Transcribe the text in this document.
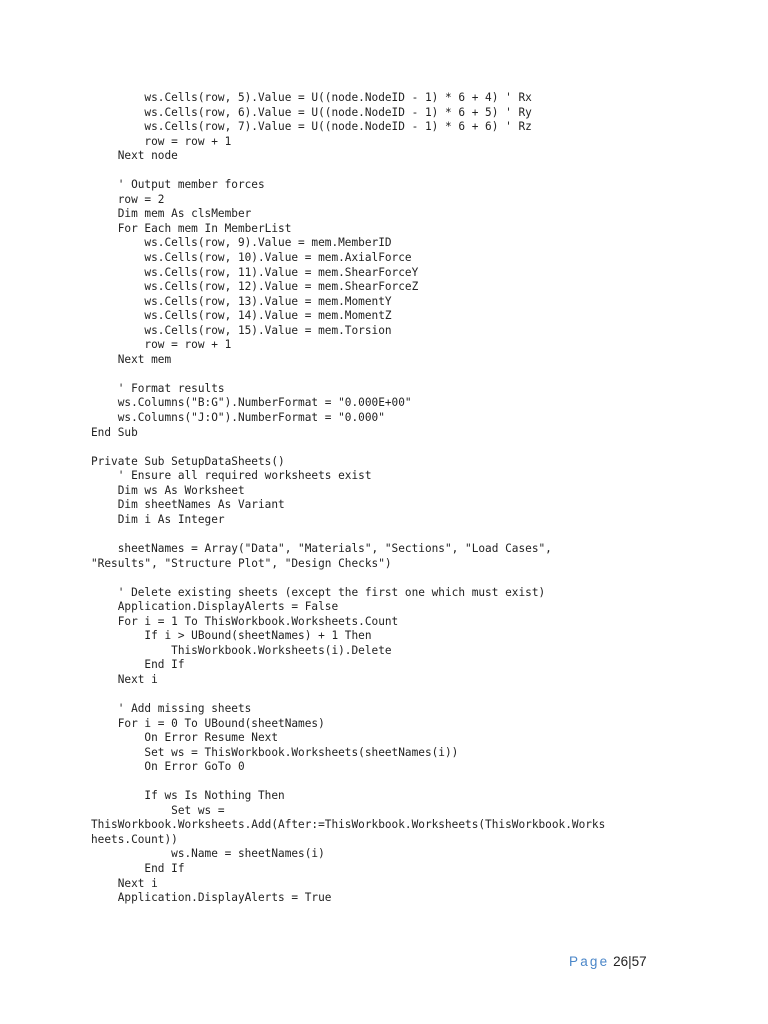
ws.Cells(row, 5).Value = U((node.NodeID - 1) * 6 + 4) ' Rx
ws.Cells(row, 6).Value = U((node.NodeID - 1) * 6 + 5) ' Ry
ws.Cells(row, 7).Value = U((node.NodeID - 1) * 6 + 6) ' Rz
row = row + 1
Next node
' Output member forces
row = 2
Dim mem As clsMember
For Each mem In MemberList
ws.Cells(row, 9).Value = mem.MemberID
ws.Cells(row, 10).Value = mem.AxialForce
ws.Cells(row, 11).Value = mem.ShearForceY
ws.Cells(row, 12).Value = mem.ShearForceZ
ws.Cells(row, 13).Value = mem.MomentY
ws.Cells(row, 14).Value = mem.MomentZ
ws.Cells(row, 15).Value = mem.Torsion
row = row + 1
Next mem
' Format results
ws.Columns("B:G").NumberFormat = "0.000E+00"
ws.Columns("J:O").NumberFormat = "0.000"
End Sub
Private Sub SetupDataSheets()
' Ensure all required worksheets exist
Dim ws As Worksheet
Dim sheetNames As Variant
Dim i As Integer
sheetNames = Array("Data", "Materials", "Sections", "Load Cases",
"Results", "Structure Plot", "Design Checks")
' Delete existing sheets (except the first one which must exist)
Application.DisplayAlerts = False
For i = 1 To ThisWorkbook.Worksheets.Count
If i > UBound(sheetNames) + 1 Then
ThisWorkbook.Worksheets(i).Delete
End If
Next i
' Add missing sheets
For i = 0 To UBound(sheetNames)
On Error Resume Next
Set ws = ThisWorkbook.Worksheets(sheetNames(i))
On Error GoTo 0
If ws Is Nothing Then
Set ws =
ThisWorkbook.Worksheets.Add(After:=ThisWorkbook.Worksheets(ThisWorkbook.Works
heets.Count))
ws.Name = sheetNames(i)
End If
Next i
Application.DisplayAlerts = True
Page 26|57
